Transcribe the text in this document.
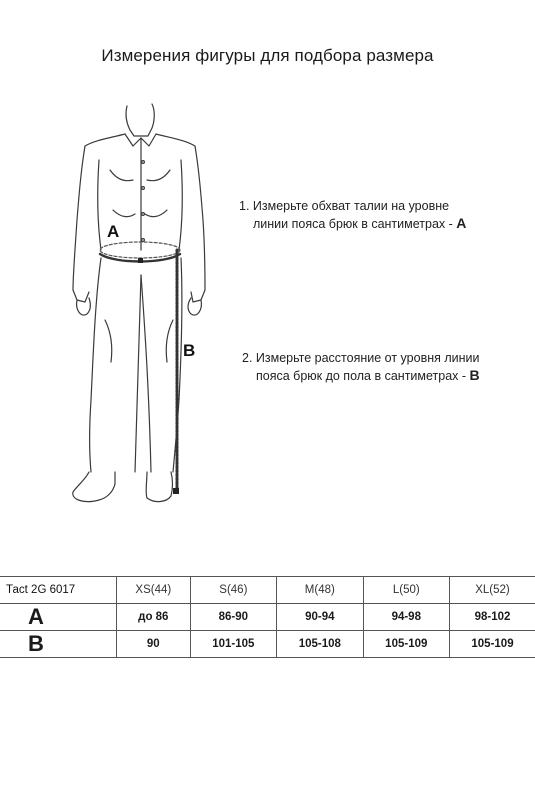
Измерения фигуры для подбора размера
A
B
1. Измерьте обхват талии на уровне
линии пояса брюк в сантиметрах - A
2. Измерьте расстояние от уровня линии
пояса брюк до пола в сантиметрах - B
Тасt 2G 6017	XS(44)	S(46)	M(48)	L(50)	XL(52)
A	до 86	86-90	90-94	94-98	98-102
B	90	101-105	105-108	105-109	105-109
